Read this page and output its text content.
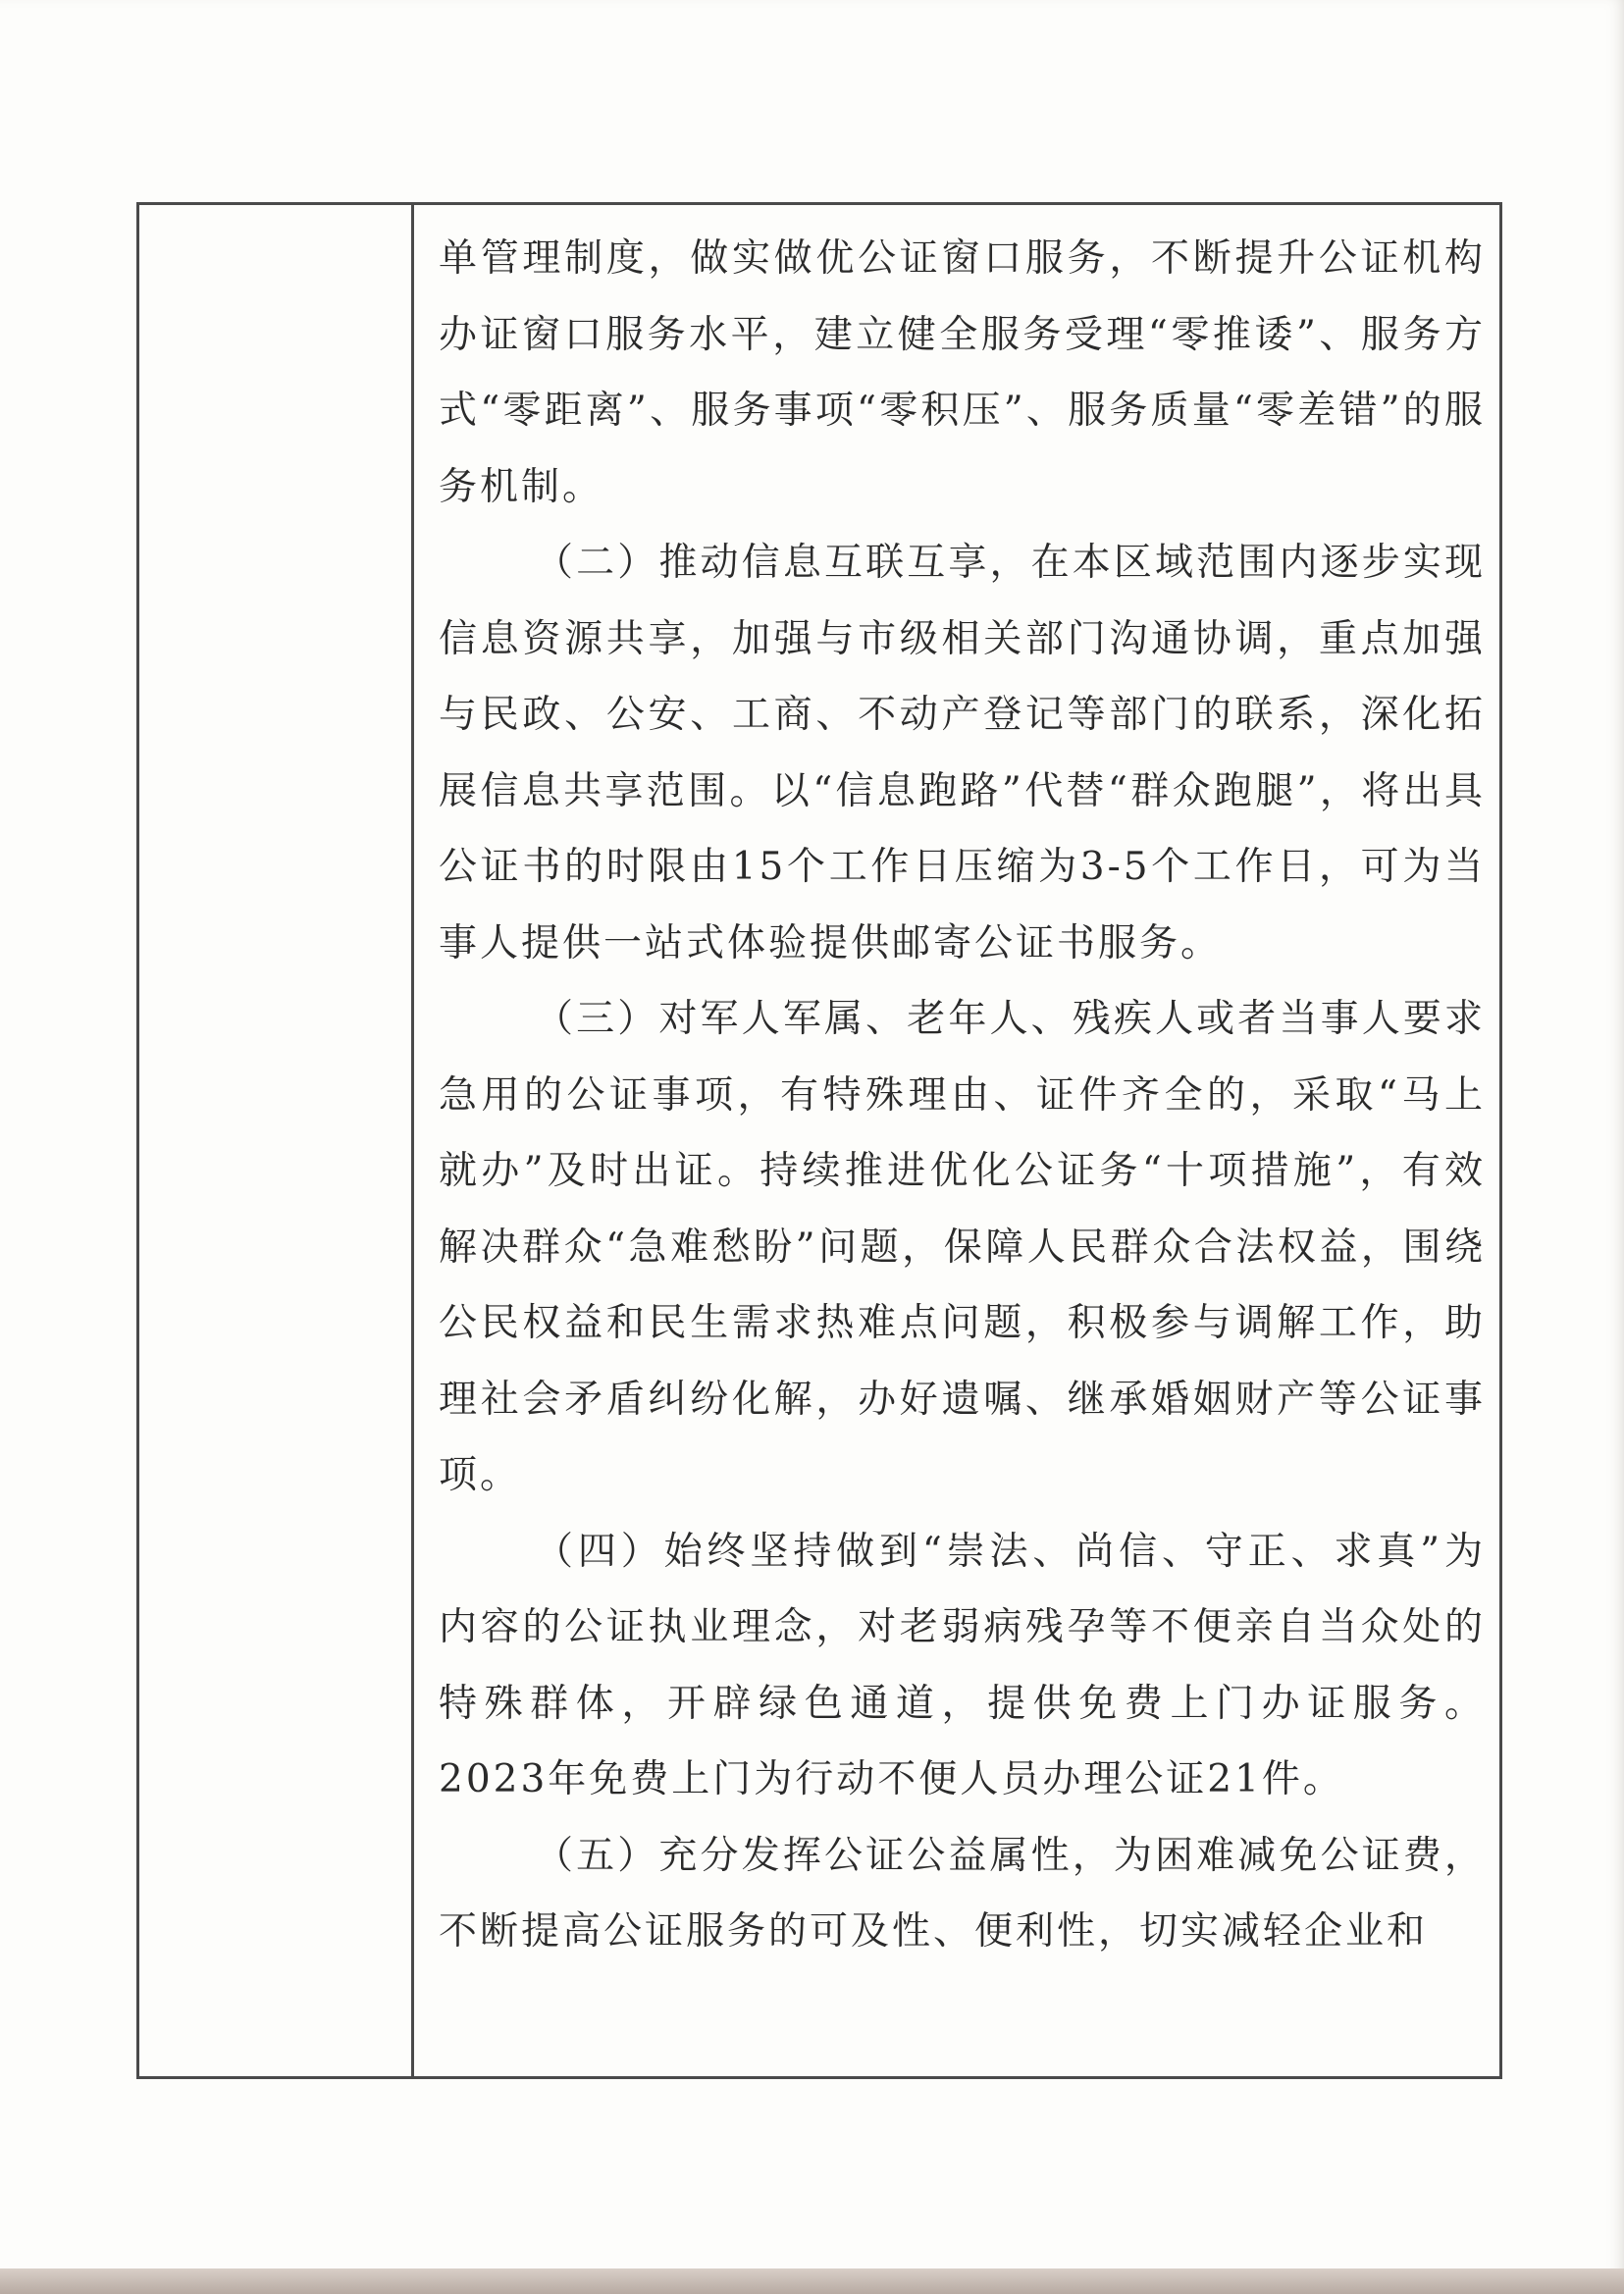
单管理制度，做实做优公证窗口服务，不断提升公证机构办证窗口服务水平，建立健全服务受理“零推诿”、服务方式“零距离”、服务事项“零积压”、服务质量“零差错”的服务机制。

（二）推动信息互联互享，在本区域范围内逐步实现信息资源共享，加强与市级相关部门沟通协调，重点加强与民政、公安、工商、不动产登记等部门的联系，深化拓展信息共享范围。以“信息跑路”代替“群众跑腿”，将出具公证书的时限由15个工作日压缩为3-5个工作日，可为当事人提供一站式体验提供邮寄公证书服务。

（三）对军人军属、老年人、残疾人或者当事人要求急用的公证事项，有特殊理由、证件齐全的，采取“马上就办”及时出证。持续推进优化公证务“十项措施”，有效解决群众“急难愁盼”问题，保障人民群众合法权益，围绕公民权益和民生需求热难点问题，积极参与调解工作，助理社会矛盾纠纷化解，办好遗嘱、继承婚姻财产等公证事项。

（四）始终坚持做到“崇法、尚信、守正、求真”为内容的公证执业理念，对老弱病残孕等不便亲自当众处的特殊群体，开辟绿色通道，提供免费上门办证服务。2023年免费上门为行动不便人员办理公证21件。

（五）充分发挥公证公益属性，为困难减免公证费，不断提高公证服务的可及性、便利性，切实减轻企业和
